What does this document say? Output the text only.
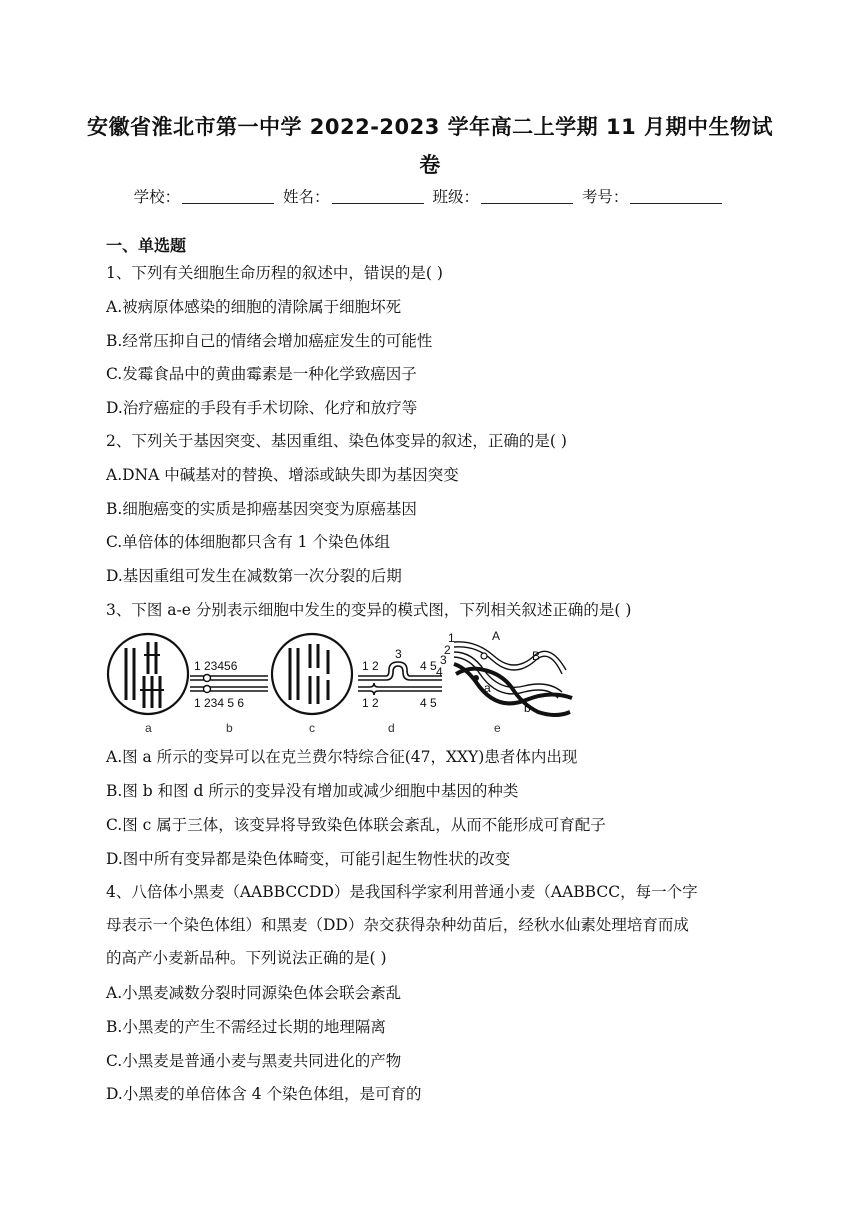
安徽省淮北市第一中学 2022-2023 学年高二上学期 11 月期中生物试
卷
学校：	姓名：	班级：	考号：
一、单选题
1、下列有关细胞生命历程的叙述中，错误的是( )
A.被病原体感染的细胞的清除属于细胞坏死
B.经常压抑自己的情绪会增加癌症发生的可能性
C.发霉食品中的黄曲霉素是一种化学致癌因子
D.治疗癌症的手段有手术切除、化疗和放疗等
2、下列关于基因突变、基因重组、染色体变异的叙述，正确的是( )
A.DNA 中碱基对的替换、增添或缺失即为基因突变
B.细胞癌变的实质是抑癌基因突变为原癌基因
C.单倍体的体细胞都只含有 1 个染色体组
D.基因重组可发生在减数第一次分裂的后期
3、下图 a-e 分别表示细胞中发生的变异的模式图，下列相关叙述正确的是( )
a
1 23456
1 234 5 6
b	c
1 2
3
4 5
1 2	4 5
d
1
2
3
4
A
B
a
b
e
A.图 a 所示的变异可以在克兰费尔特综合征(47，XXY)患者体内出现
B.图 b 和图 d 所示的变异没有增加或减少细胞中基因的种类
C.图 c 属于三体，该变异将导致染色体联会紊乱，从而不能形成可育配子
D.图中所有变异都是染色体畸变，可能引起生物性状的改变
4、八倍体小黑麦（AABBCCDD）是我国科学家利用普通小麦（AABBCC，每一个字
母表示一个染色体组）和黑麦（DD）杂交获得杂种幼苗后，经秋水仙素处理培育而成
的高产小麦新品种。下列说法正确的是( )
A.小黑麦减数分裂时同源染色体会联会紊乱
B.小黑麦的产生不需经过长期的地理隔离
C.小黑麦是普通小麦与黑麦共同进化的产物
D.小黑麦的单倍体含 4 个染色体组，是可育的
